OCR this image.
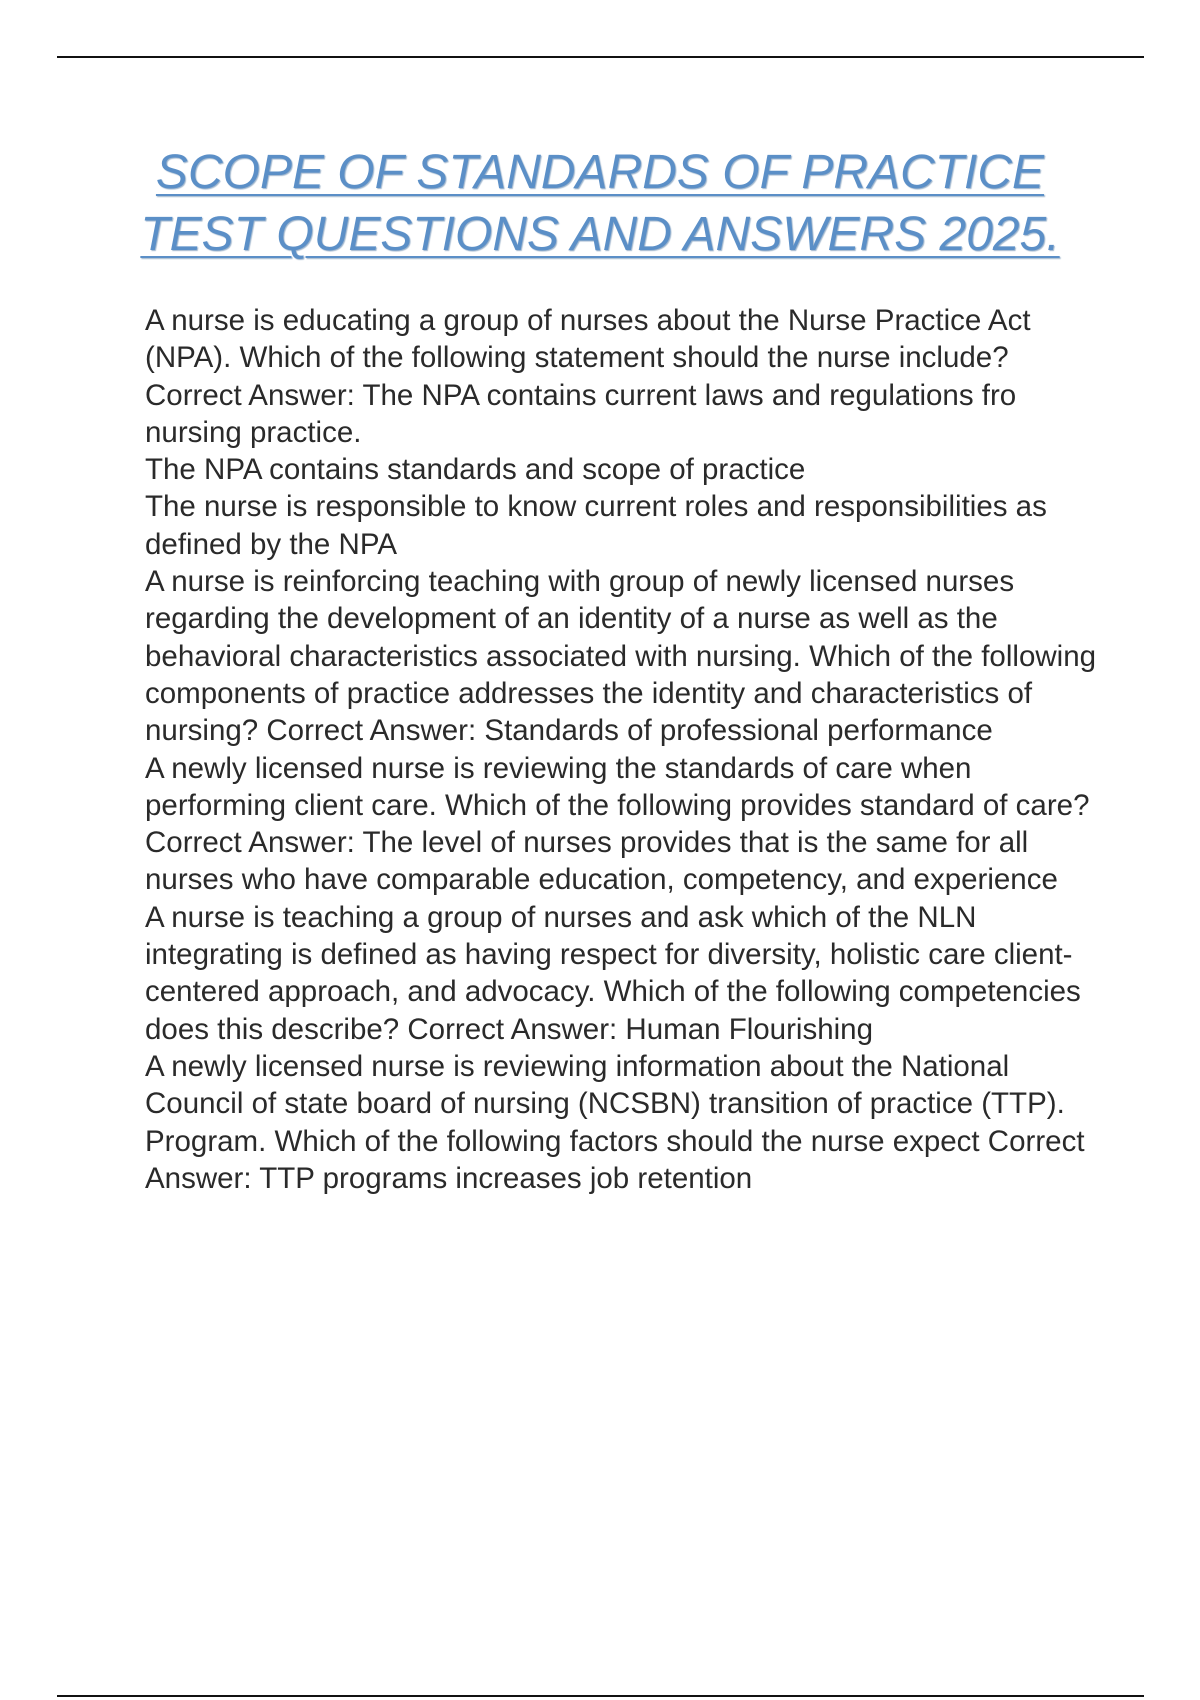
SCOPE OF STANDARDS OF PRACTICE
TEST QUESTIONS AND ANSWERS 2025.

A nurse is educating a group of nurses about the Nurse Practice Act (NPA). Which of the following statement should the nurse include? Correct Answer: The NPA contains current laws and regulations fro nursing practice.

The NPA contains standards and scope of practice

The nurse is responsible to know current roles and responsibilities as defined by the NPA

A nurse is reinforcing teaching with group of newly licensed nurses regarding the development of an identity of a nurse as well as the behavioral characteristics associated with nursing. Which of the following components of practice addresses the identity and characteristics of nursing? Correct Answer: Standards of professional performance

A newly licensed nurse is reviewing the standards of care when performing client care. Which of the following provides standard of care? Correct Answer: The level of nurses provides that is the same for all nurses who have comparable education, competency, and experience

A nurse is teaching a group of nurses and ask which of the NLN integrating is defined as having respect for diversity, holistic care client-centered approach, and advocacy. Which of the following competencies does this describe? Correct Answer: Human Flourishing

A newly licensed nurse is reviewing information about the National Council of state board of nursing (NCSBN) transition of practice (TTP). Program. Which of the following factors should the nurse expect Correct Answer: TTP programs increases job retention
